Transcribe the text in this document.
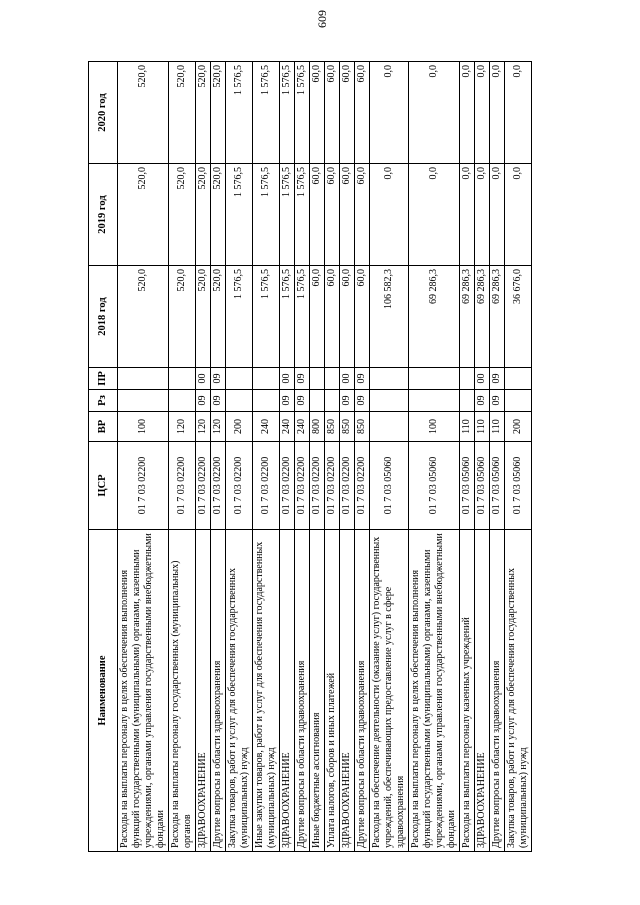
609
Наименование	ЦСР	ВР	Рз	ПР	2018 год	2019 год	2020 год
Расходы на выплаты персоналу в целях обеспечения выполнения функций государственными (муниципальными) органами, казенными учреждениями, органами управления государственными внебюджетными фондами	01 7 03 02200	100			520,0	520,0	520,0
Расходы на выплаты персоналу государственных (муниципальных) органов	01 7 03 02200	120			520,0	520,0	520,0
ЗДРАВООХРАНЕНИЕ	01 7 03 02200	120	09	00	520,0	520,0	520,0
Другие вопросы в области здравоохранения	01 7 03 02200	120	09	09	520,0	520,0	520,0
Закупка товаров, работ и услуг для обеспечения государственных (муниципальных) нужд	01 7 03 02200	200			1 576,5	1 576,5	1 576,5
Иные закупки товаров, работ и услуг для обеспечения государственных (муниципальных) нужд	01 7 03 02200	240			1 576,5	1 576,5	1 576,5
ЗДРАВООХРАНЕНИЕ	01 7 03 02200	240	09	00	1 576,5	1 576,5	1 576,5
Другие вопросы в области здравоохранения	01 7 03 02200	240	09	09	1 576,5	1 576,5	1 576,5
Иные бюджетные ассигнования	01 7 03 02200	800			60,0	60,0	60,0
Уплата налогов, сборов и иных платежей	01 7 03 02200	850			60,0	60,0	60,0
ЗДРАВООХРАНЕНИЕ	01 7 03 02200	850	09	00	60,0	60,0	60,0
Другие вопросы в области здравоохранения	01 7 03 02200	850	09	09	60,0	60,0	60,0
Расходы на обеспечение деятельности (оказание услуг) государственных учреждений, обеспечивающих предоставление услуг в сфере здравоохранения	01 7 03 05060				106 582,3	0,0	0,0
Расходы на выплаты персоналу в целях обеспечения выполнения функций государственными (муниципальными) органами, казенными учреждениями, органами управления государственными внебюджетными фондами	01 7 03 05060	100			69 286,3	0,0	0,0
Расходы на выплаты персоналу казенных учреждений	01 7 03 05060	110			69 286,3	0,0	0,0
ЗДРАВООХРАНЕНИЕ	01 7 03 05060	110	09	00	69 286,3	0,0	0,0
Другие вопросы в области здравоохранения	01 7 03 05060	110	09	09	69 286,3	0,0	0,0
Закупка товаров, работ и услуг для обеспечения государственных (муниципальных) нужд	01 7 03 05060	200			36 676,0	0,0	0,0
